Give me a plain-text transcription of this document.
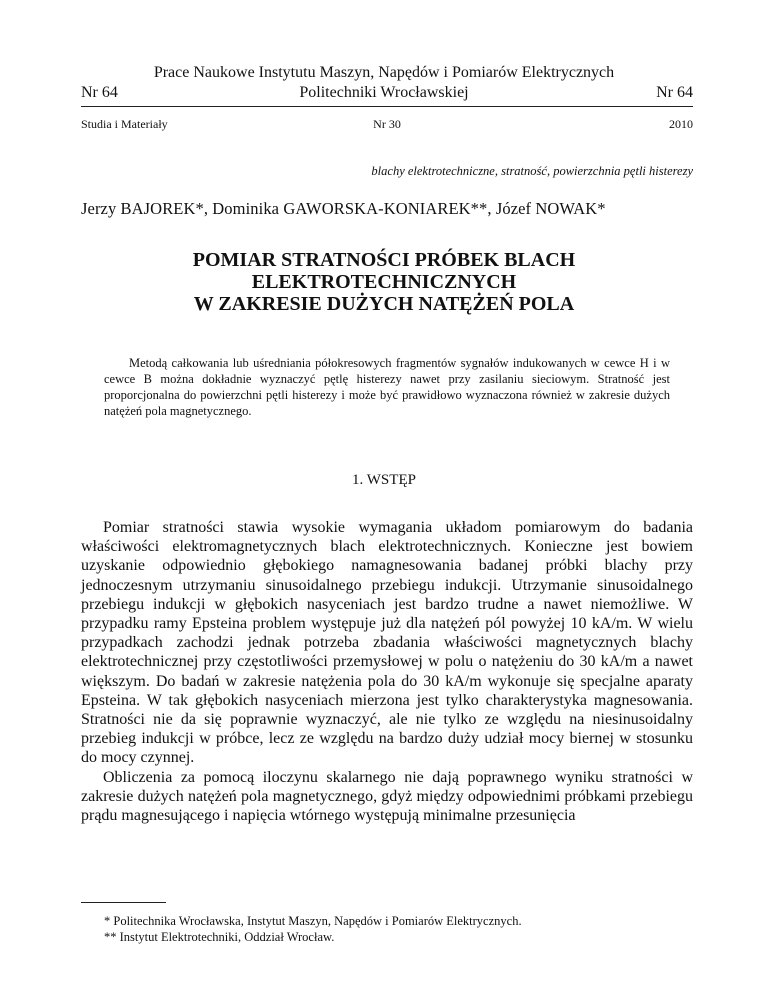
Prace Naukowe Instytutu Maszyn, Napędów i Pomiarów Elektrycznych
Nr 64	Politechniki Wrocławskiej	Nr 64
Studia i Materiały	Nr 30	2010
blachy elektrotechniczne, stratność, powierzchnia pętli histerezy
Jerzy BAJOREK*, Dominika GAWORSKA-KONIAREK**, Józef NOWAK*
POMIAR STRATNOŚCI PRÓBEK BLACH
ELEKTROTECHNICZNYCH
W ZAKRESIE DUŻYCH NATĘŻEŃ POLA
Metodą całkowania lub uśredniania półokresowych fragmentów sygnałów indukowanych w cewce H i w cewce B można dokładnie wyznaczyć pętlę histerezy nawet przy zasilaniu sieciowym. Stratność jest proporcjonalna do powierzchni pętli histerezy i może być prawidłowo wyznaczona również w zakresie dużych natężeń pola magnetycznego.
1. WSTĘP

Pomiar stratności stawia wysokie wymagania układom pomiarowym do badania właściwości elektromagnetycznych blach elektrotechnicznych. Konieczne jest bowiem uzyskanie odpowiednio głębokiego namagnesowania badanej próbki blachy przy jednoczesnym utrzymaniu sinusoidalnego przebiegu indukcji. Utrzymanie sinusoidalnego przebiegu indukcji w głębokich nasyceniach jest bardzo trudne a nawet niemożliwe. W przypadku ramy Epsteina problem występuje już dla natężeń pól powyżej 10 kA/m. W wielu przypadkach zachodzi jednak potrzeba zbadania właściwości magnetycznych blachy elektrotechnicznej przy częstotliwości przemysłowej w polu o natężeniu do 30 kA/m a nawet większym. Do badań w zakresie natężenia pola do 30 kA/m wykonuje się specjalne aparaty Epsteina. W tak głębokich nasyceniach mierzona jest tylko charakterystyka magnesowania. Stratności nie da się poprawnie wyznaczyć, ale nie tylko ze względu na niesinusoidalny przebieg indukcji w próbce, lecz ze względu na bardzo duży udział mocy biernej w stosunku do mocy czynnej.

Obliczenia za pomocą iloczynu skalarnego nie dają poprawnego wyniku stratności w zakresie dużych natężeń pola magnetycznego, gdyż między odpowiednimi próbkami przebiegu prądu magnesującego i napięcia wtórnego występują minimalne przesunięcia

* Politechnika Wrocławska, Instytut Maszyn, Napędów i Pomiarów Elektrycznych.
** Instytut Elektrotechniki, Oddział Wrocław.
